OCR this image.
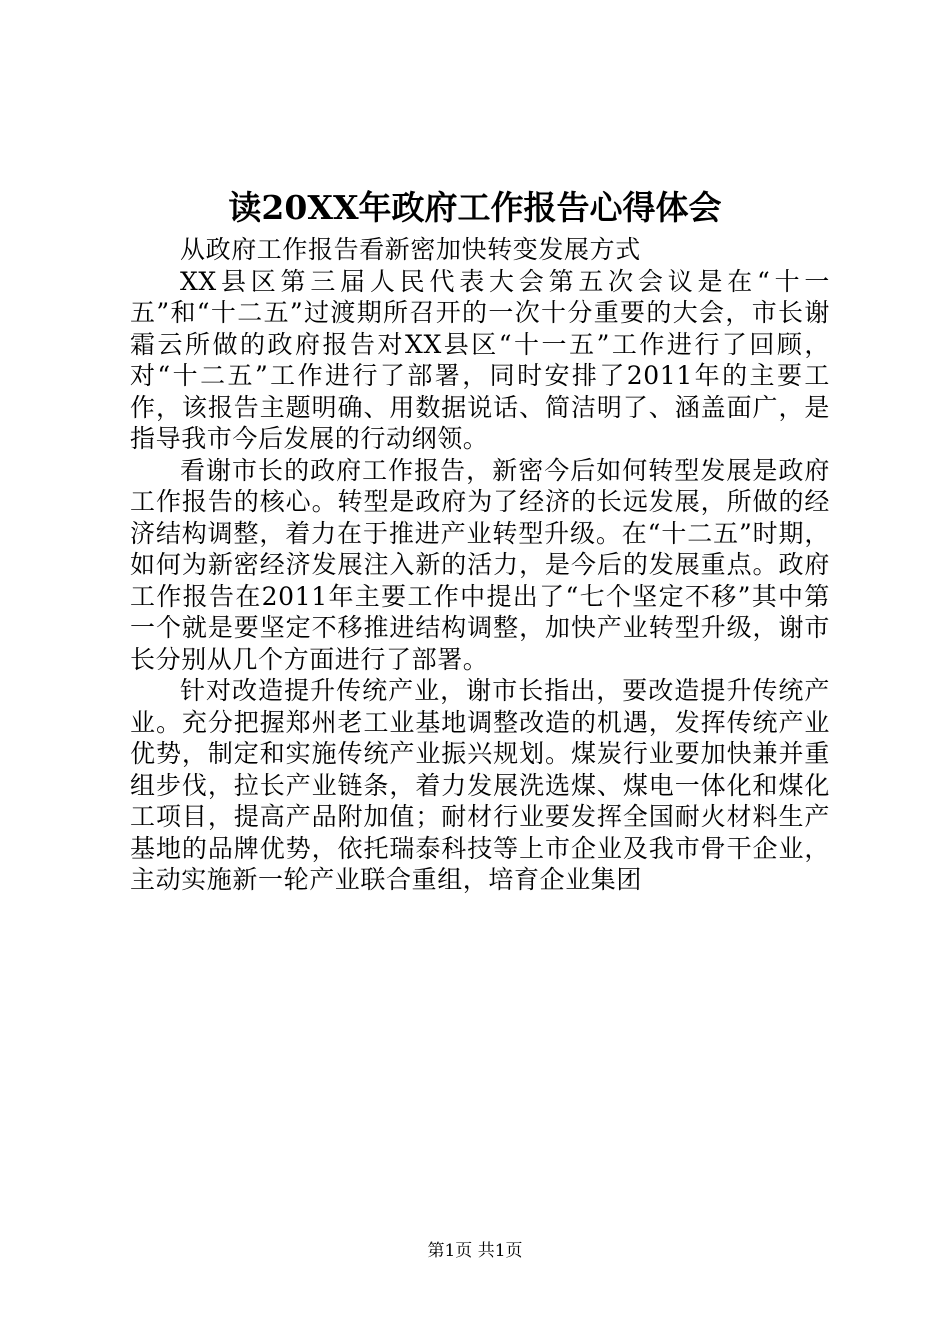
读20XX年政府工作报告心得体会

从政府工作报告看新密加快转变发展方式

XX县区第三届人民代表大会第五次会议是在“十一五”和“十二五”过渡期所召开的一次十分重要的大会，市长谢霜云所做的政府报告对XX县区“十一五”工作进行了回顾，对“十二五”工作进行了部署，同时安排了2011年的主要工作，该报告主题明确、用数据说话、简洁明了、涵盖面广，是指导我市今后发展的行动纲领。

看谢市长的政府工作报告，新密今后如何转型发展是政府工作报告的核心。转型是政府为了经济的长远发展，所做的经济结构调整，着力在于推进产业转型升级。在“十二五”时期，如何为新密经济发展注入新的活力，是今后的发展重点。政府工作报告在2011年主要工作中提出了“七个坚定不移”其中第一个就是要坚定不移推进结构调整，加快产业转型升级，谢市长分别从几个方面进行了部署。

针对改造提升传统产业，谢市长指出，要改造提升传统产业。充分把握郑州老工业基地调整改造的机遇，发挥传统产业优势，制定和实施传统产业振兴规划。煤炭行业要加快兼并重组步伐，拉长产业链条，着力发展洗选煤、煤电一体化和煤化工项目，提高产品附加值；耐材行业要发挥全国耐火材料生产基地的品牌优势，依托瑞泰科技等上市企业及我市骨干企业，主动实施新一轮产业联合重组，培育企业集团

第1页 共1页
